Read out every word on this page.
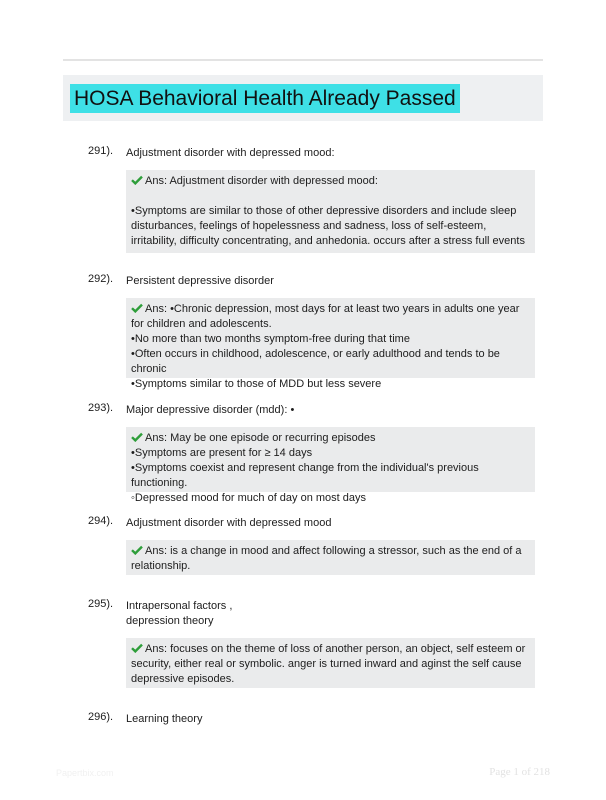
HOSA Behavioral Health Already Passed
291). Adjustment disorder with depressed mood:

Ans: Adjustment disorder with depressed mood:

•Symptoms are similar to those of other depressive disorders and include sleep disturbances, feelings of hopelessness and sadness, loss of self-esteem, irritability, difficulty concentrating, and anhedonia. occurs after a stress full events

292). Persistent depressive disorder

Ans: •Chronic depression, most days for at least two years in adults one year for children and adolescents.

•No more than two months symptom-free during that time

•Often occurs in childhood, adolescence, or early adulthood and tends to be chronic

•Symptoms similar to those of MDD but less severe

293). Major depressive disorder (mdd): •

Ans: May be one episode or recurring episodes

•Symptoms are present for ≥ 14 days

•Symptoms coexist and represent change from the individual's previous functioning.

◦Depressed mood for much of day on most days

294). Adjustment disorder with depressed mood

Ans: is a change in mood and affect following a stressor, such as the end of a relationship.

295). Intrapersonal factors ,
depression theory

Ans: focuses on the theme of loss of another person, an object, self esteem or security, either real or symbolic. anger is turned inward and aginst the self cause depressive episodes.

296). Learning theory
Papertbix.com	Page 1 of 218
